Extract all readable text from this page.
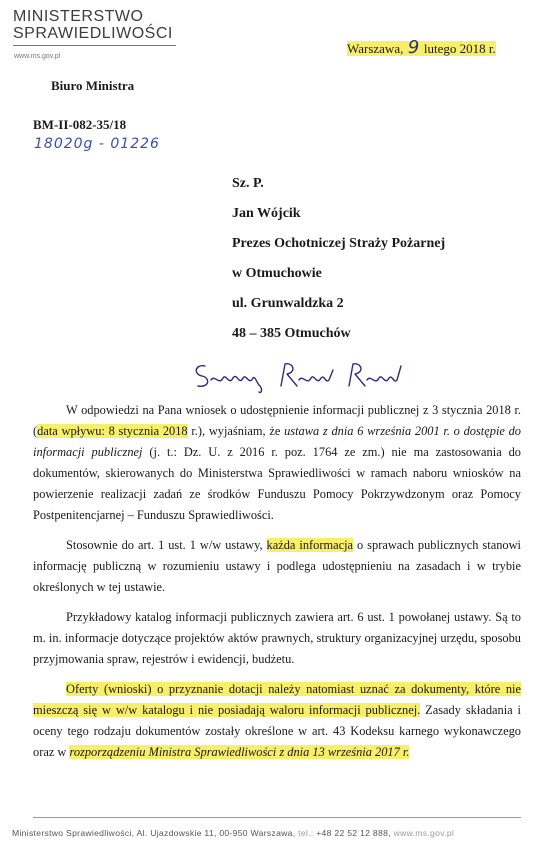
MINISTERSTWO
SPRAWIEDLIWOŚCI
www.ms.gov.pl
Warszawa, 9 lutego 2018 r.
Biuro Ministra
BM-II-082-35/18
18020g - 01226
Sz. P.
Jan Wójcik
Prezes Ochotniczej Straży Pożarnej
w Otmuchowie
ul. Grunwaldzka 2
48 – 385 Otmuchów

W odpowiedzi na Pana wniosek o udostępnienie informacji publicznej z 3 stycznia 2018 r. (data wpływu: 8 stycznia 2018 r.), wyjaśniam, że ustawa z dnia 6 września 2001 r. o dostępie do informacji publicznej (j. t.: Dz. U. z 2016 r. poz. 1764 ze zm.) nie ma zastosowania do dokumentów, skierowanych do Ministerstwa Sprawiedliwości w ramach naboru wniosków na powierzenie realizacji zadań ze środków Funduszu Pomocy Pokrzywdzonym oraz Pomocy Postpenitencjarnej – Funduszu Sprawiedliwości.

Stosownie do art. 1 ust. 1 w/w ustawy, każda informacja o sprawach publicznych stanowi informację publiczną w rozumieniu ustawy i podlega udostępnieniu na zasadach i w trybie określonych w tej ustawie.

Przykładowy katalog informacji publicznych zawiera art. 6 ust. 1 powołanej ustawy. Są to m. in. informacje dotyczące projektów aktów prawnych, struktury organizacyjnej urzędu, sposobu przyjmowania spraw, rejestrów i ewidencji, budżetu.

Oferty (wnioski) o przyznanie dotacji należy natomiast uznać za dokumenty, które nie mieszczą się w w/w katalogu i nie posiadają waloru informacji publicznej. Zasady składania i oceny tego rodzaju dokumentów zostały określone w art. 43 Kodeksu karnego wykonawczego oraz w rozporządzeniu Ministra Sprawiedliwości z dnia 13 września 2017 r.

Ministerstwo Sprawiedliwości, Al. Ujazdowskie 11, 00-950 Warszawa, tel.: +48 22 52 12 888, www.ms.gov.pl
